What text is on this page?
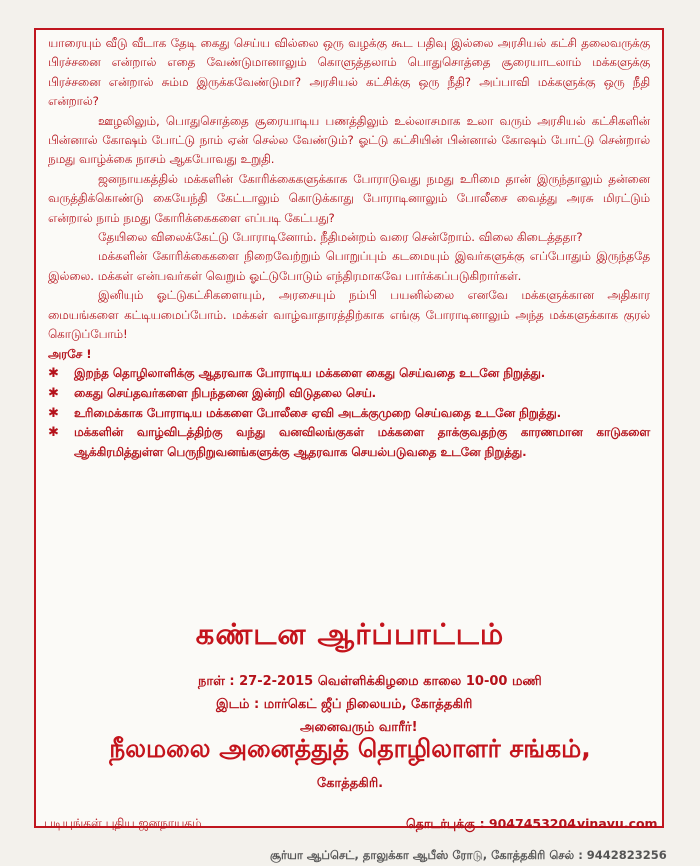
யாரையும் வீடு வீடாக தேடி கைது செய்ய வில்லை ஒரு வழக்கு கூட பதிவு இல்லை அரசியல் கட்சி தலைவருக்கு பிரச்சனை என்றால் எதை வேண்டுமானாலும் கொளுத்தலாம் பொதுசொத்தை சூரையாடலாம் மக்களுக்கு பிரச்சனை என்றால் சும்ம இருக்கவேண்டுமா? அரசியல் கட்சிக்கு ஒரு நீதி? அப்பாவி மக்களுக்கு ஒரு நீதி என்றால்?

ஊழலிலும், பொதுசொத்தை சூரையாடிய பணத்திலும் உல்லாசமாக உலா வரும் அரசியல் கட்சிகளின் பின்னால் கோஷம் போட்டு நாம் ஏன் செல்ல வேண்டும்? ஓட்டு கட்சியின் பின்னால் கோஷம் போட்டு சென்றால் நமது வாழ்க்கை நாசம் ஆகபோவது உறுதி.

ஜனநாயகத்தில் மக்களின் கோரிக்கைகளுக்காக போராடுவது நமது உரிமை தான் இருந்தாலும் தன்னை வருத்திக்கொண்டு கையேந்தி கேட்டாலும் கொடுக்காது போராடினாலும் போலீசை வைத்து அரசு மிரட்டும் என்றால் நாம் நமது கோரிக்கைகளை எப்படி கேட்பது?

தேயிலை விலைக்கேட்டு போராடினோம். நீதிமன்றம் வரை சென்றோம். விலை கிடைத்ததா?

மக்களின் கோரிக்கைகளை நிறைவேற்றும் பொறுப்பும் கடமையும் இவர்களுக்கு எப்போதும் இருந்ததே இல்லை. மக்கள் என்பவர்கள் வெறும் ஓட்டுபோடும் எந்திரமாகவே பார்க்கப்படுகிறார்கள்.

இனியும் ஓட்டுகட்சிகளையும், அரசையும் நம்பி பயனில்லை எனவே மக்களுக்கான அதிகார மையங்களை கட்டியமைப்போம். மக்கள் வாழ்வாதாரத்திற்காக எங்கு போராடினாலும் அந்த மக்களுக்காக குரல் கொடுப்போம்!

அரசே !

✱ இறந்த தொழிலாளிக்கு ஆதரவாக போராடிய மக்களை கைது செய்வதை உடனே நிறுத்து.
✱ கைது செய்தவர்களை நிபந்தனை இன்றி விடுதலை செய்.
✱ உரிமைக்காக போராடிய மக்களை போலீசை ஏவி அடக்குமுறை செய்வதை உடனே நிறுத்து.
✱ மக்களின் வாழ்விடத்திற்கு வந்து வனவிலங்குகள் மக்களை தாக்குவதற்கு காரணமான காடுகளை ஆக்கிரமித்துள்ள பெருநிறுவனங்களுக்கு ஆதரவாக செயல்படுவதை உடனே நிறுத்து.
கண்டன ஆர்ப்பாட்டம்
நாள் : 27-2-2015 வெள்ளிக்கிழமை காலை 10-00 மணி
இடம் : மார்கெட் ஜீப் நிலையம், கோத்தகிரி
அனைவரும் வாரீர்!
நீலமலை அனைத்துத் தொழிலாளர் சங்கம்,
கோத்தகிரி.
படியுங்கள் புதிய ஜனநாயகம்	தொடர்புக்கு : 9047453204 vinavu.com
சூர்யா ஆப்செட், தாலுக்கா ஆபீஸ் ரோடு, கோத்தகிரி செல் : 9442823256
